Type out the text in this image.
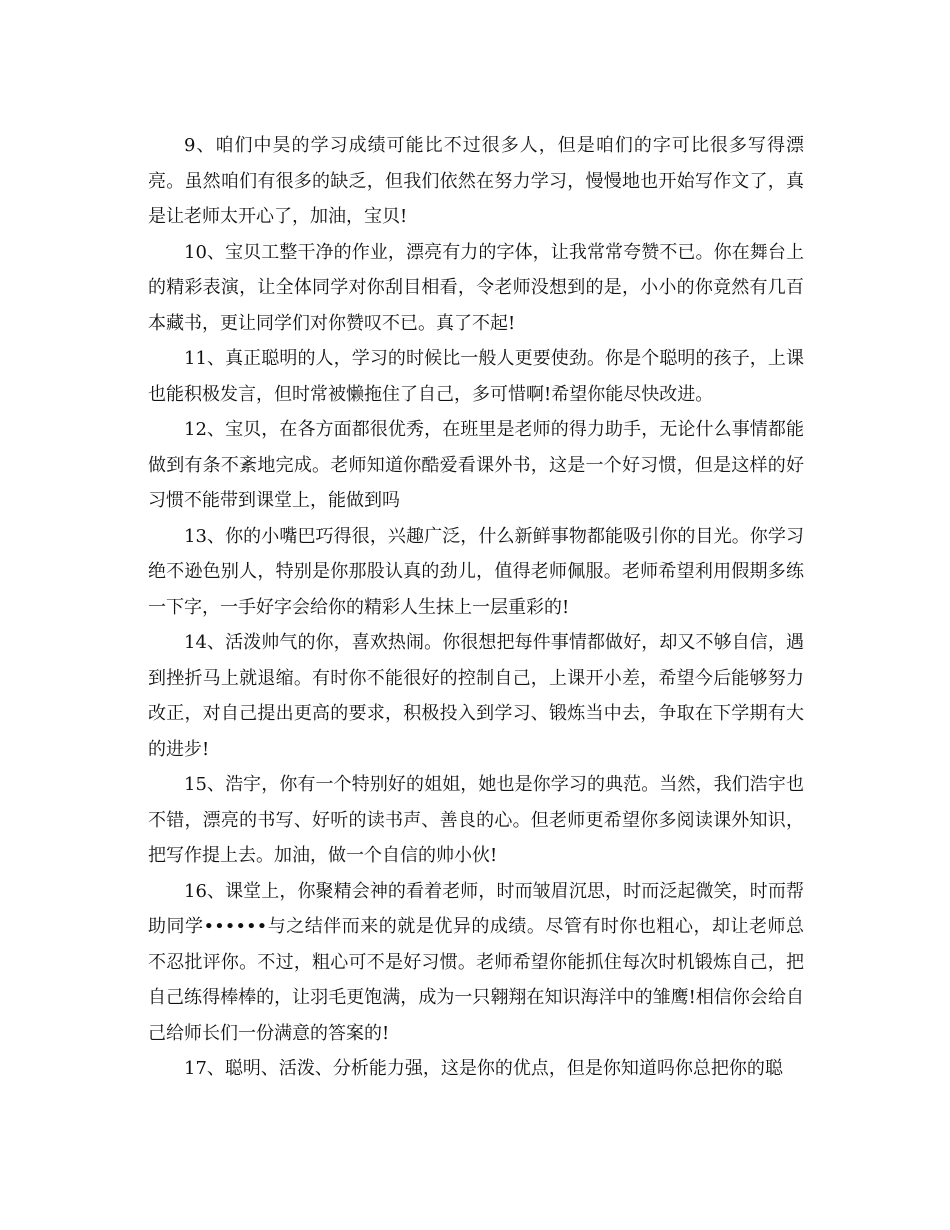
9、咱们中昊的学习成绩可能比不过很多人，但是咱们的字可比很多写得漂亮。虽然咱们有很多的缺乏，但我们依然在努力学习，慢慢地也开始写作文了，真是让老师太开心了，加油，宝贝!

10、宝贝工整干净的作业，漂亮有力的字体，让我常常夸赞不已。你在舞台上的精彩表演，让全体同学对你刮目相看，令老师没想到的是，小小的你竟然有几百本藏书，更让同学们对你赞叹不已。真了不起!

11、真正聪明的人，学习的时候比一般人更要使劲。你是个聪明的孩子，上课也能积极发言，但时常被懒拖住了自己，多可惜啊!希望你能尽快改进。

12、宝贝，在各方面都很优秀，在班里是老师的得力助手，无论什么事情都能做到有条不紊地完成。老师知道你酷爱看课外书，这是一个好习惯，但是这样的好习惯不能带到课堂上，能做到吗

13、你的小嘴巴巧得很，兴趣广泛，什么新鲜事物都能吸引你的目光。你学习绝不逊色别人，特别是你那股认真的劲儿，值得老师佩服。老师希望利用假期多练一下字，一手好字会给你的精彩人生抹上一层重彩的!

14、活泼帅气的你，喜欢热闹。你很想把每件事情都做好，却又不够自信，遇到挫折马上就退缩。有时你不能很好的控制自己，上课开小差，希望今后能够努力改正，对自己提出更高的要求，积极投入到学习、锻炼当中去，争取在下学期有大的进步!

15、浩宇，你有一个特别好的姐姐，她也是你学习的典范。当然，我们浩宇也不错，漂亮的书写、好听的读书声、善良的心。但老师更希望你多阅读课外知识，把写作提上去。加油，做一个自信的帅小伙!

16、课堂上，你聚精会神的看着老师，时而皱眉沉思，时而泛起微笑，时而帮助同学••••••与之结伴而来的就是优异的成绩。尽管有时你也粗心，却让老师总不忍批评你。不过，粗心可不是好习惯。老师希望你能抓住每次时机锻炼自己，把自己练得棒棒的，让羽毛更饱满，成为一只翱翔在知识海洋中的雏鹰!相信你会给自己给师长们一份满意的答案的!

17、聪明、活泼、分析能力强，这是你的优点，但是你知道吗你总把你的聪
